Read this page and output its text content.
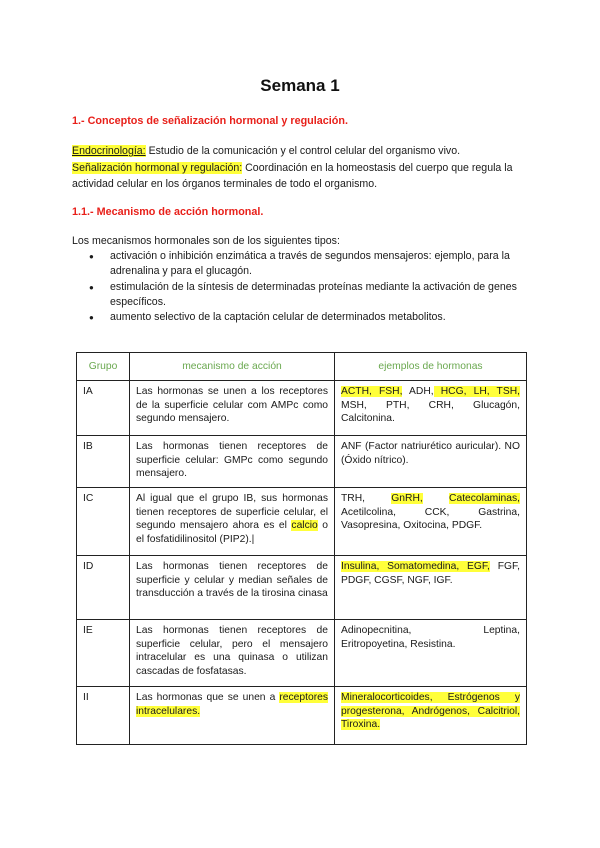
Semana 1
1.- Conceptos de señalización hormonal y regulación.
Endocrinología: Estudio de la comunicación y el control celular del organismo vivo.
Señalización hormonal y regulación: Coordinación en la homeostasis del cuerpo que regula la actividad celular en los órganos terminales de todo el organismo.
1.1.- Mecanismo de acción hormonal.

Los mecanismos hormonales son de los siguientes tipos:

● activación o inhibición enzimática a través de segundos mensajeros: ejemplo, para la adrenalina y para el glucagón.
● estimulación de la síntesis de determinadas proteínas mediante la activación de genes específicos.
● aumento selectivo de la captación celular de determinados metabolitos.
Grupo	mecanismo de acción	ejemplos de hormonas
IA	Las hormonas se unen a los receptores de la superficie celular com AMPc como segundo mensajero.	ACTH, FSH, ADH, HCG, LH, TSH, MSH, PTH, CRH, Glucagón, Calcitonina.
IB	Las hormonas tienen receptores de superficie celular: GMPc como segundo mensajero.	ANF (Factor natriurético auricular). NO (Óxido nítrico).
IC	Al igual que el grupo IB, sus hormonas tienen receptores de superficie celular, el segundo mensajero ahora es el calcio o el fosfatidilinositol (PIP2).|	TRH, GnRH, Catecolaminas, Acetilcolina, CCK, Gastrina, Vasopresina, Oxitocina, PDGF.
ID	Las hormonas tienen receptores de superficie y celular y median señales de transducción a través de la tirosina cinasa	Insulina, Somatomedina, EGF, FGF, PDGF, CGSF, NGF, IGF.
IE	Las hormonas tienen receptores de superficie celular, pero el mensajero intracelular es una quinasa o utilizan cascadas de fosfatasas.	Adinopecnitina, Leptina, Eritropoyetina, Resistina.
II	Las hormonas que se unen a receptores intracelulares.	Mineralocorticoides, Estrógenos y progesterona, Andrógenos, Calcitriol, Tiroxina.
